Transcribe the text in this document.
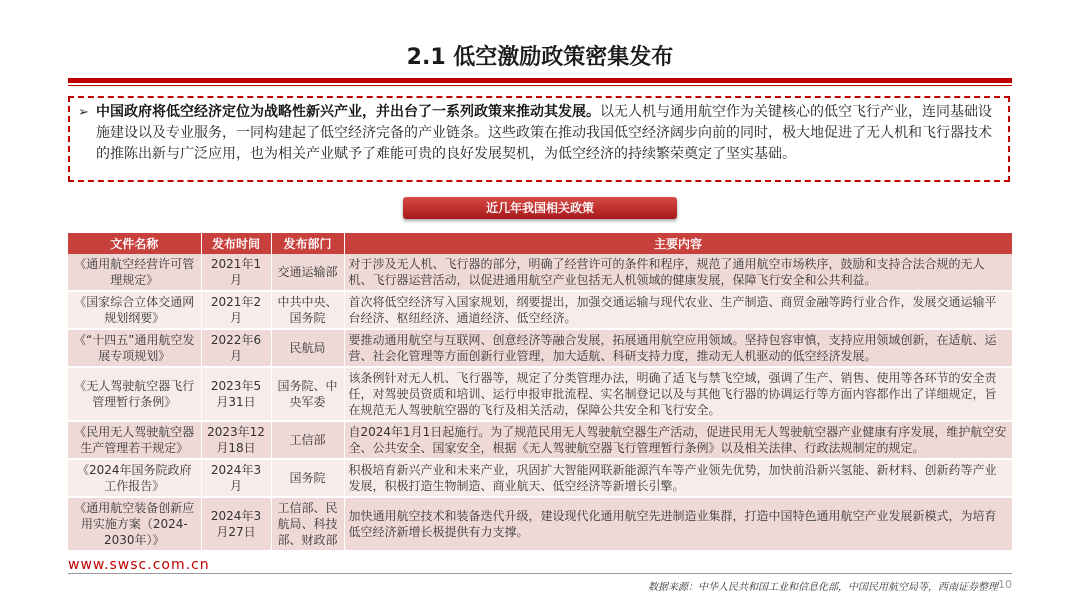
2.1 低空激励政策密集发布
➢ 中国政府将低空经济定位为战略性新兴产业，并出台了一系列政策来推动其发展。以无人机与通用航空作为关键核心的低空飞行产业，连同基础设施建设以及专业服务，一同构建起了低空经济完备的产业链条。这些政策在推动我国低空经济阔步向前的同时，极大地促进了无人机和飞行器技术的推陈出新与广泛应用，也为相关产业赋予了难能可贵的良好发展契机，为低空经济的持续繁荣奠定了坚实基础。
近几年我国相关政策
文件名称	发布时间	发布部门	主要内容
《通用航空经营许可管理规定》	2021年1月	交通运输部	对于涉及无人机、飞行器的部分，明确了经营许可的条件和程序，规范了通用航空市场秩序，鼓励和支持合法合规的无人机、飞行器运营活动，以促进通用航空产业包括无人机领域的健康发展，保障飞行安全和公共利益。
《国家综合立体交通网规划纲要》	2021年2月	中共中央、国务院	首次将低空经济写入国家规划，纲要提出，加强交通运输与现代农业、生产制造、商贸金融等跨行业合作，发展交通运输平台经济、枢纽经济、通道经济、低空经济。
《“十四五”通用航空发展专项规划》	2022年6月	民航局	要推动通用航空与互联网、创意经济等融合发展，拓展通用航空应用领域。坚持包容审慎，支持应用领域创新，在适航、运营、社会化管理等方面创新行业管理，加大适航、科研支持力度，推动无人机驱动的低空经济发展。
《无人驾驶航空器飞行管理暂行条例》	2023年5月31日	国务院、中央军委	该条例针对无人机、飞行器等，规定了分类管理办法，明确了适飞与禁飞空域，强调了生产、销售、使用等各环节的安全责任，对驾驶员资质和培训、运行申报审批流程、实名制登记以及与其他飞行器的协调运行等方面内容都作出了详细规定，旨在规范无人驾驶航空器的飞行及相关活动，保障公共安全和飞行安全。
《民用无人驾驶航空器生产管理若干规定》	2023年12月18日	工信部	自2024年1月1日起施行。为了规范民用无人驾驶航空器生产活动，促进民用无人驾驶航空器产业健康有序发展，维护航空安全、公共安全、国家安全，根据《无人驾驶航空器飞行管理暂行条例》以及相关法律、行政法规制定的规定。
《2024年国务院政府工作报告》	2024年3月	国务院	积极培育新兴产业和未来产业，巩固扩大智能网联新能源汽车等产业领先优势，加快前沿新兴氢能、新材料、创新药等产业发展，积极打造生物制造、商业航天、低空经济等新增长引擎。
《通用航空装备创新应用实施方案（2024-2030年）》	2024年3月27日	工信部、民航局、科技部、财政部	加快通用航空技术和装备迭代升级，建设现代化通用航空先进制造业集群，打造中国特色通用航空产业发展新模式，为培育低空经济新增长极提供有力支撑。
www.swsc.com.cn
数据来源：中华人民共和国工业和信息化部，中国民用航空局等，西南证券整理 10
